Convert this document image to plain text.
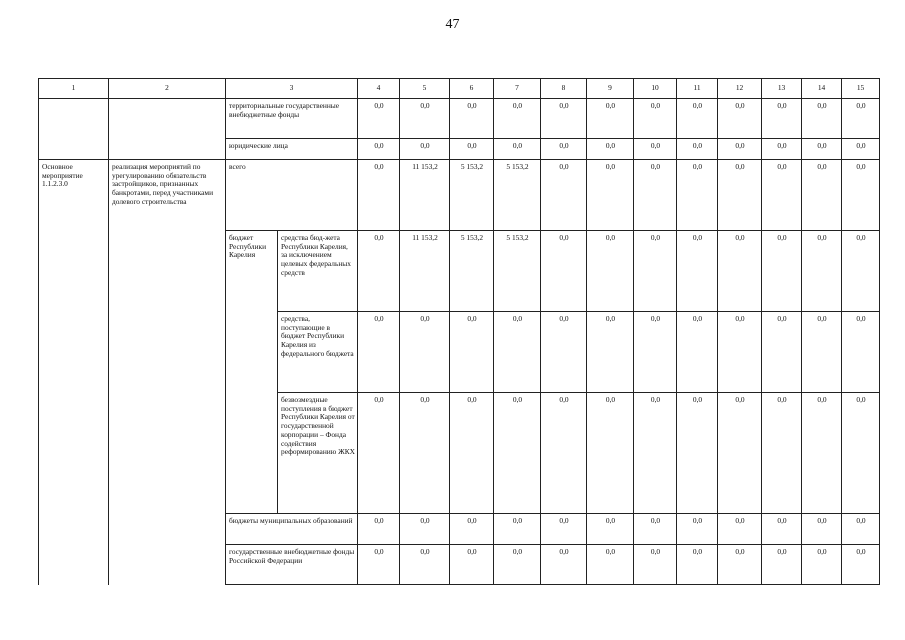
47
1	2	3		4	5	6	7	8	9	10	11	12	13	14	15
		территориальные государственные внебюджетные фонды		0,0	0,0	0,0	0,0	0,0	0,0	0,0	0,0	0,0	0,0	0,0	0,0
		юридические лица		0,0	0,0	0,0	0,0	0,0	0,0	0,0	0,0	0,0	0,0	0,0	0,0
Основное мероприятие 1.1.2.3.0	реализация мероприятий по урегулированию обязательств застройщиков, признанных банкротами, перед участниками долевого строительства	всего		0,0	11 153,2	5 153,2	5 153,2	0,0	0,0	0,0	0,0	0,0	0,0	0,0	0,0
		бюджет Республики Карелия	средства бюд-жета Республики Карелия, за исключением целевых федеральных средств	0,0	11 153,2	5 153,2	5 153,2	0,0	0,0	0,0	0,0	0,0	0,0	0,0	0,0
			средства, поступающие в бюджет Республики Карелия из федерального бюджета	0,0	0,0	0,0	0,0	0,0	0,0	0,0	0,0	0,0	0,0	0,0	0,0
			безвозмездные поступления в бюджет Республики Карелия от государственной корпорации – Фонда содействия реформированию ЖКХ	0,0	0,0	0,0	0,0	0,0	0,0	0,0	0,0	0,0	0,0	0,0	0,0
		бюджеты муниципальных образований		0,0	0,0	0,0	0,0	0,0	0,0	0,0	0,0	0,0	0,0	0,0	0,0
		государственные внебюджетные фонды Российской Федерации		0,0	0,0	0,0	0,0	0,0	0,0	0,0	0,0	0,0	0,0	0,0	0,0
